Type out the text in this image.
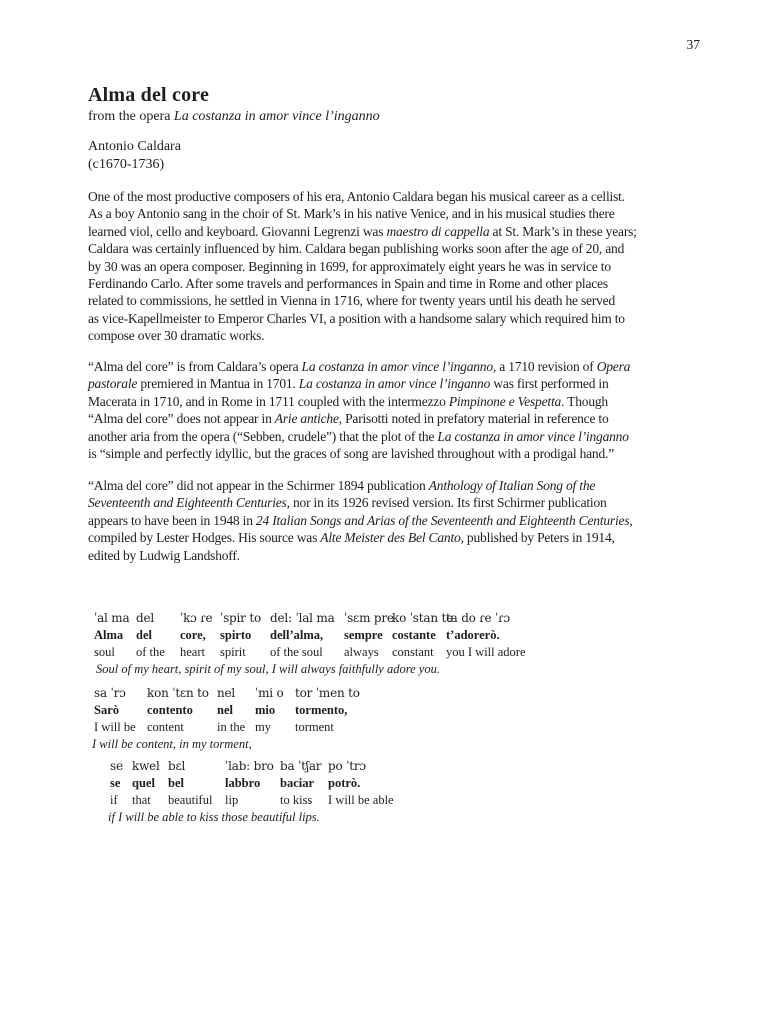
37
Alma del core
from the opera La costanza in amor vince l’inganno
Antonio Caldara
(c1670-1736)
One of the most productive composers of his era, Antonio Caldara began his musical career as a cellist.
As a boy Antonio sang in the choir of St. Mark’s in his native Venice, and in his musical studies there
learned viol, cello and keyboard. Giovanni Legrenzi was maestro di cappella at St. Mark’s in these years;
Caldara was certainly influenced by him. Caldara began publishing works soon after the age of 20, and
by 30 was an opera composer. Beginning in 1699, for approximately eight years he was in service to
Ferdinando Carlo. After some travels and performances in Spain and time in Rome and other places
related to commissions, he settled in Vienna in 1716, where for twenty years until his death he served
as vice-Kapellmeister to Emperor Charles VI, a position with a handsome salary which required him to
compose over 30 dramatic works.
“Alma del core” is from Caldara’s opera La costanza in amor vince l’inganno, a 1710 revision of Opera
pastorale premiered in Mantua in 1701. La costanza in amor vince l’inganno was first performed in
Macerata in 1710, and in Rome in 1711 coupled with the intermezzo Pimpinone e Vespetta. Though
“Alma del core” does not appear in Arie antiche, Parisotti noted in prefatory material in reference to
another aria from the opera (“Sebben, crudele”) that the plot of the La costanza in amor vince l’inganno
is “simple and perfectly idyllic, but the graces of song are lavished throughout with a prodigal hand.”
“Alma del core” did not appear in the Schirmer 1894 publication Anthology of Italian Song of the
Seventeenth and Eighteenth Centuries, nor in its 1926 revised version. Its first Schirmer publication
appears to have been in 1948 in 24 Italian Songs and Arias of the Seventeenth and Eighteenth Centuries,
compiled by Lester Hodges. His source was Alte Meister des Bel Canto, published by Peters in 1914,
edited by Ludwig Landshoff.
ˈal ma
Alma
soul
del
del
of the
ˈkɔ ɾe
core,
heart
ˈspir to
spirto
spirit
del: ˈlal ma
dell’alma,
of the soul
ˈsɛm pre
sempre
always
ko ˈstan te
costante
constant
ta do ɾe ˈɾɔ
t’adorerò.
you I will adore
Soul of my heart, spirit of my soul, I will always faithfully adore you.
sa ˈrɔ
Sarò
I will be
kon ˈtɛn to
contento
content
nel
nel
in the
ˈmi o
mio
my
tor ˈmen to
tormento,
torment
I will be content, in my torment,
se
se
if
kwel
quel
that
bɛl
bel
beautiful
ˈlab: bro
labbro
lip
ba ˈtʃar
baciar
to kiss
po ˈtrɔ
potrò.
I will be able
if I will be able to kiss those beautiful lips.
